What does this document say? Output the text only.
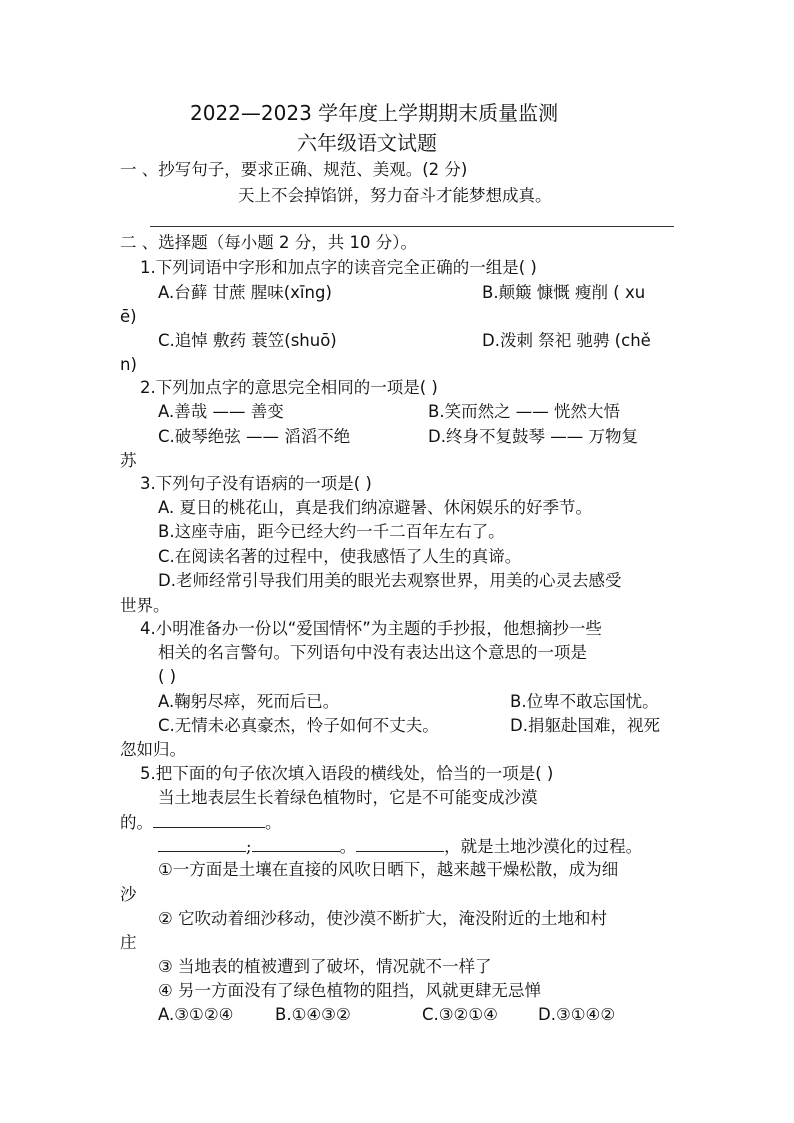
2022—2023 学年度上学期期末质量监测
六年级语文试题
一 、抄写句子，要求正确、规范、美观。(2 分)
天上不会掉馅饼，努力奋斗才能梦想成真。
二 、选择题（每小题 2 分，共 10 分）。
1.下列词语中字形和加点字的读音完全正确的一组是( )
A.台藓 甘蔗 腥味(xīng)	B.颠簸 慷慨 瘦削 ( xu
ē)
C.追悼 敷药 蓑笠(shuō)	D.泼刺 祭祀 驰骋 (chě
n)
2.下列加点字的意思完全相同的一项是( )
A.善哉 —— 善变	B.笑而然之 —— 恍然大悟
C.破琴绝弦 —— 滔滔不绝	D.终身不复鼓琴 —— 万物复
苏
3.下列句子没有语病的一项是( )
A. 夏日的桃花山，真是我们纳凉避暑、休闲娱乐的好季节。
B.这座寺庙，距今已经大约一千二百年左右了。
C.在阅读名著的过程中，使我感悟了人生的真谛。
D.老师经常引导我们用美的眼光去观察世界，用美的心灵去感受
世界。
4.小明准备办一份以“爱国情怀”为主题的手抄报，他想摘抄一些
相关的名言警句。下列语句中没有表达出这个意思的一项是
( )
A.鞠躬尽瘁，死而后已。	B.位卑不敢忘国忧。
C.无情未必真豪杰，怜子如何不丈夫。	D.捐躯赴国难，视死
忽如归。
5.把下面的句子依次填入语段的横线处，恰当的一项是( )
当土地表层生长着绿色植物时，它是不可能变成沙漠
的。	。
;	。	，就是土地沙漠化的过程。
①一方面是土壤在直接的风吹日晒下，越来越干燥松散，成为细
沙
② 它吹动着细沙移动，使沙漠不断扩大，淹没附近的土地和村
庄
③ 当地表的植被遭到了破坏，情况就不一样了
④ 另一方面没有了绿色植物的阻挡，风就更肆无忌惮
A.③①②④	B.①④③②	C.③②①④ D.③①④②
